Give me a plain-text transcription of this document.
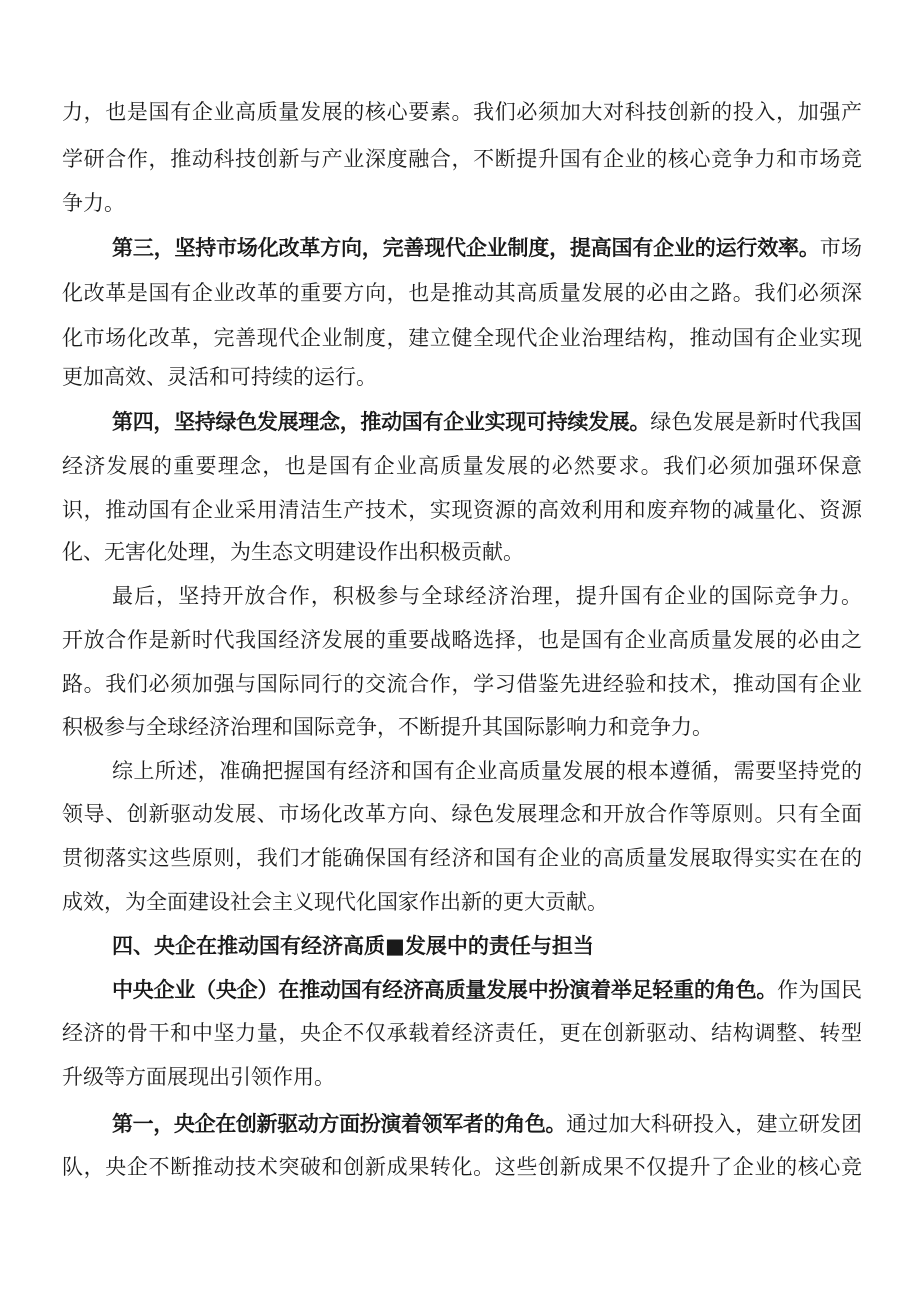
力，也是国有企业高质量发展的核心要素。我们必须加大对科技创新的投入，加强产
学研合作，推动科技创新与产业深度融合，不断提升国有企业的核心竞争力和市场竞
争力。
第三，坚持市场化改革方向，完善现代企业制度，提高国有企业的运行效率。市场
化改革是国有企业改革的重要方向，也是推动其高质量发展的必由之路。我们必须深
化市场化改革，完善现代企业制度，建立健全现代企业治理结构，推动国有企业实现
更加高效、灵活和可持续的运行。
第四，坚持绿色发展理念，推动国有企业实现可持续发展。绿色发展是新时代我国
经济发展的重要理念，也是国有企业高质量发展的必然要求。我们必须加强环保意
识，推动国有企业采用清洁生产技术，实现资源的高效利用和废弃物的减量化、资源
化、无害化处理，为生态文明建设作出积极贡献。
最后，坚持开放合作，积极参与全球经济治理，提升国有企业的国际竞争力。
开放合作是新时代我国经济发展的重要战略选择，也是国有企业高质量发展的必由之
路。我们必须加强与国际同行的交流合作，学习借鉴先进经验和技术，推动国有企业
积极参与全球经济治理和国际竞争，不断提升其国际影响力和竞争力。
综上所述，准确把握国有经济和国有企业高质量发展的根本遵循，需要坚持党的
领导、创新驱动发展、市场化改革方向、绿色发展理念和开放合作等原则。只有全面
贯彻落实这些原则，我们才能确保国有经济和国有企业的高质量发展取得实实在在的
成效，为全面建设社会主义现代化国家作出新的更大贡献。
四、央企在推动国有经济高质■发展中的责任与担当
中央企业（央企）在推动国有经济高质量发展中扮演着举足轻重的角色。作为国民
经济的骨干和中坚力量，央企不仅承载着经济责任，更在创新驱动、结构调整、转型
升级等方面展现出引领作用。
第一，央企在创新驱动方面扮演着领军者的角色。通过加大科研投入，建立研发团
队，央企不断推动技术突破和创新成果转化。这些创新成果不仅提升了企业的核心竞
